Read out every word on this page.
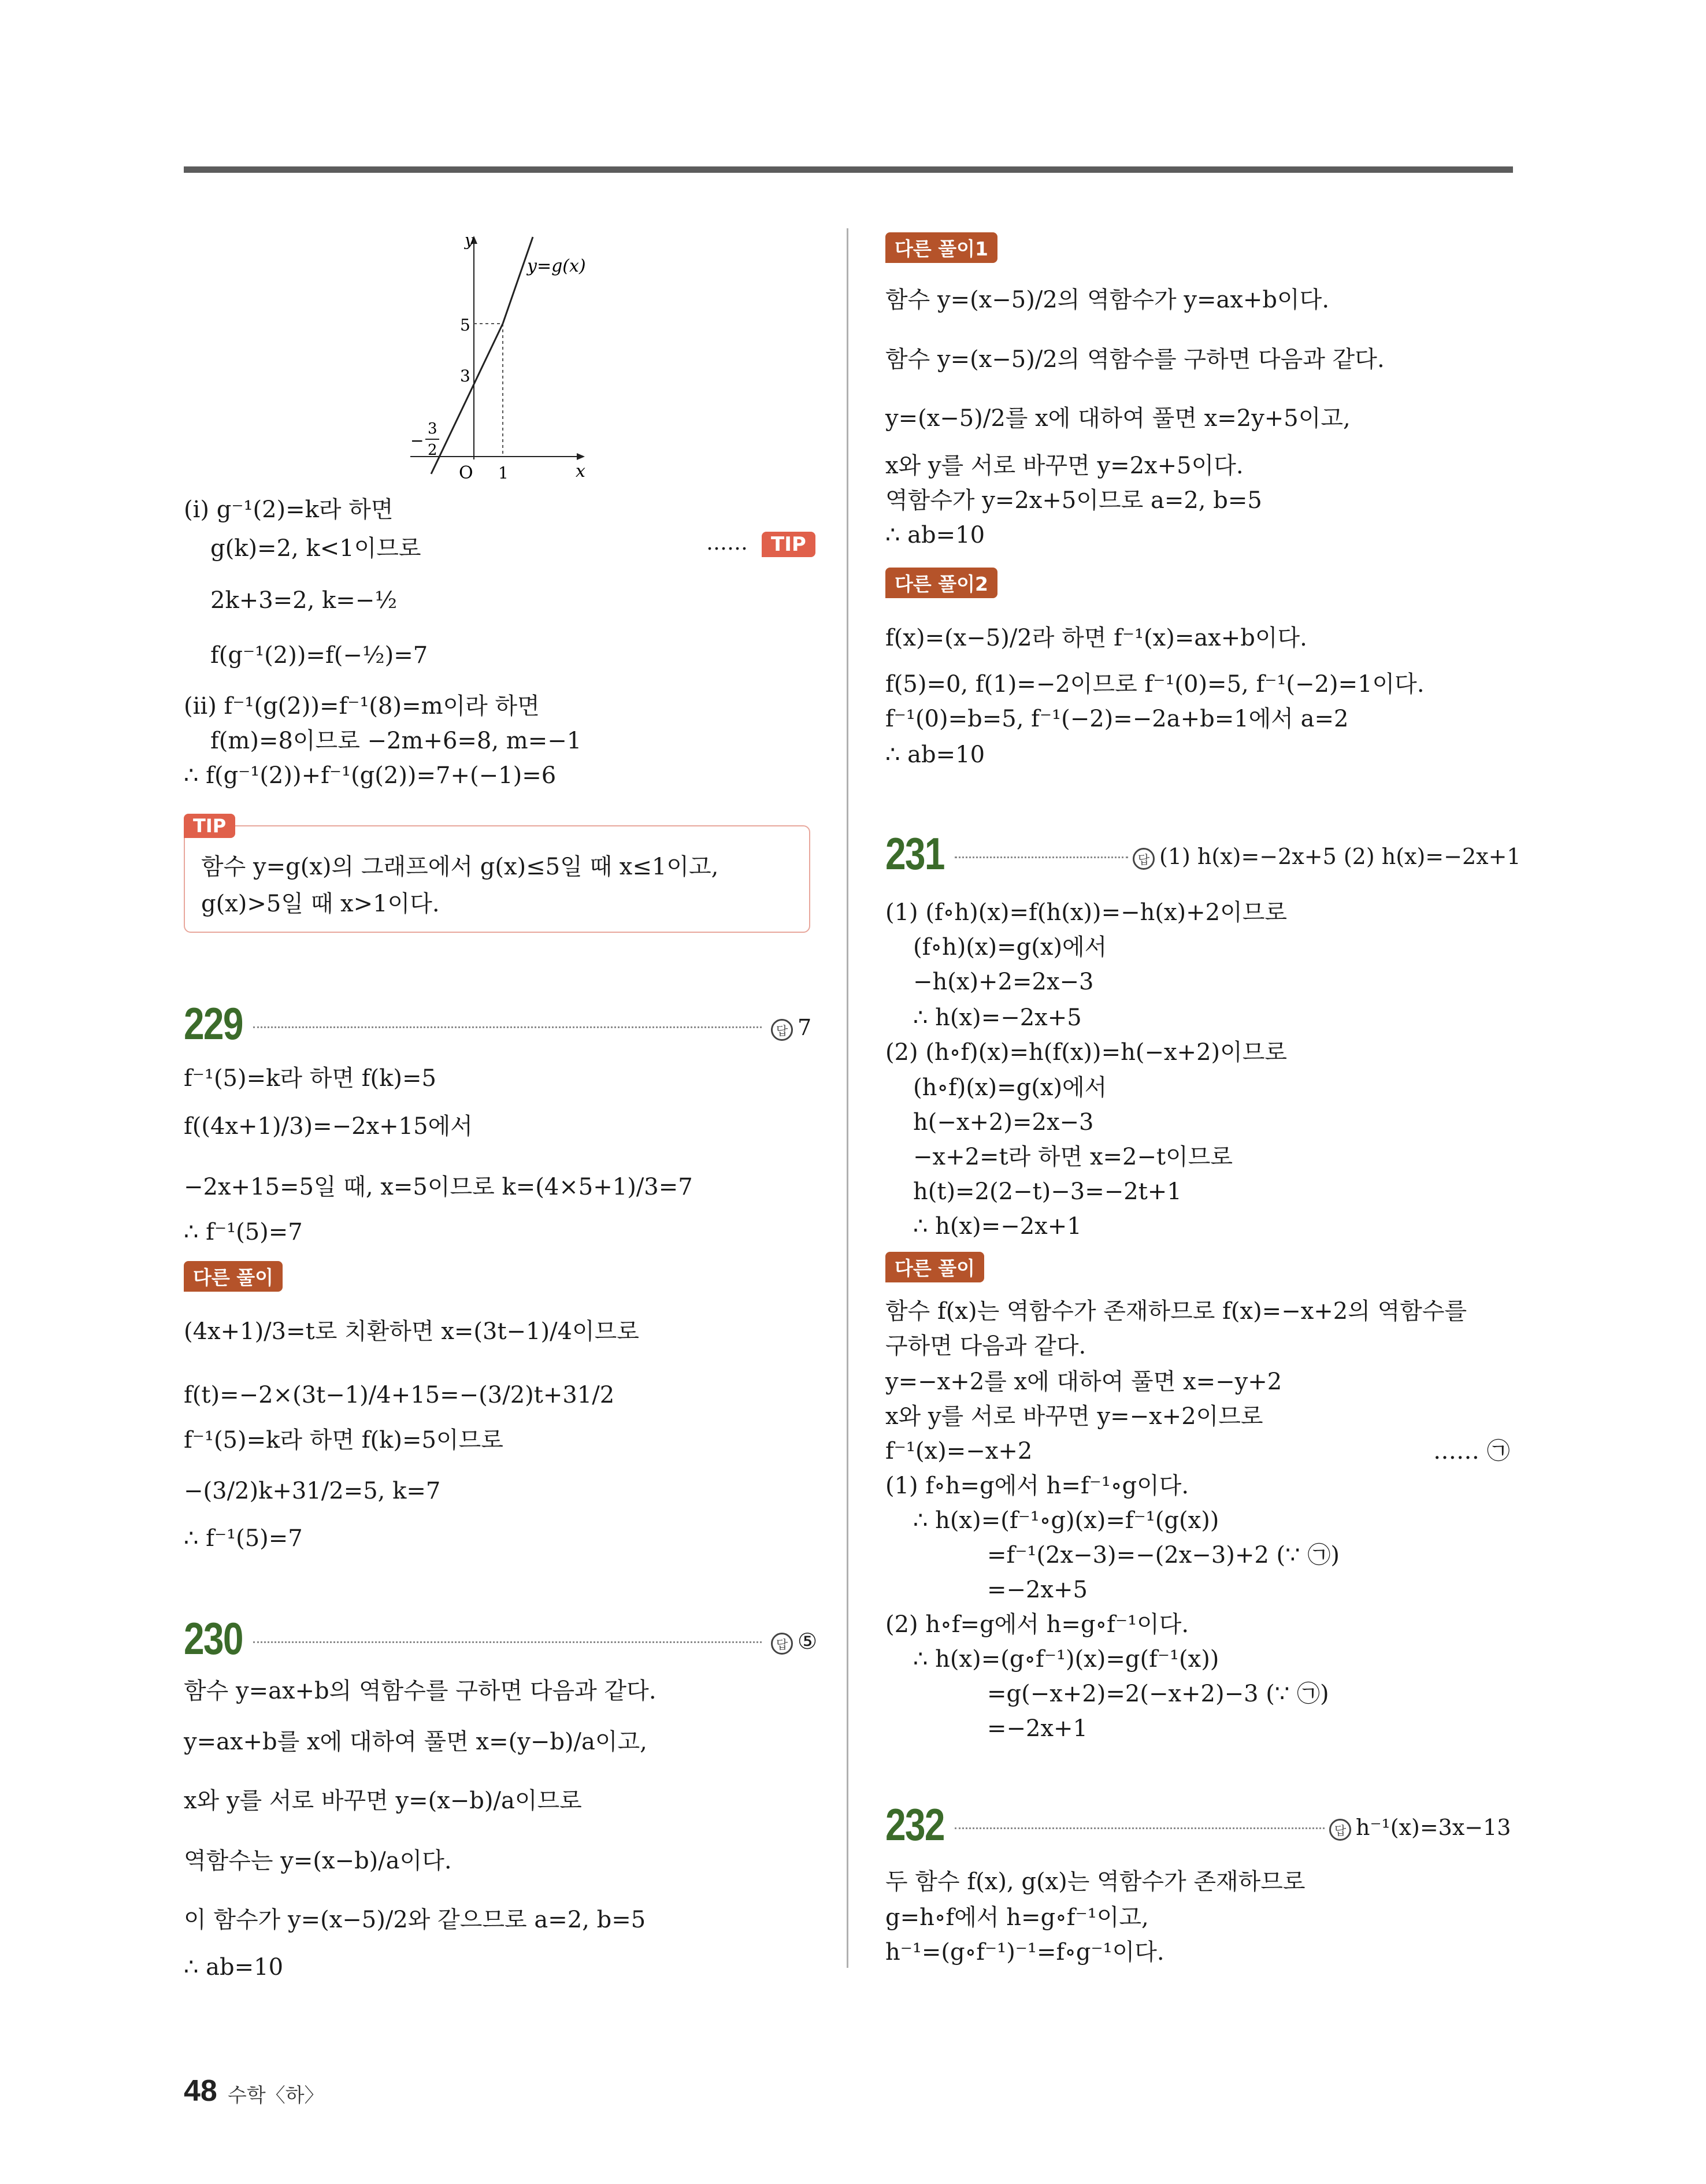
y
x
O
y=g(x)
5
3
1
−
3
2
(ⅰ) g⁻¹(2)=k라 하면
g(k)=2, k<1이므로
2k+3=2, k=−½
f(g⁻¹(2))=f(−½)=7
(ⅱ) f⁻¹(g(2))=f⁻¹(8)=m이라 하면
f(m)=8이므로 −2m+6=8, m=−1
∴ f(g⁻¹(2))+f⁻¹(g(2))=7+(−1)=6
……	TIP
TIP
함수 y=g(x)의 그래프에서 g(x)≤5일 때 x≤1이고,
g(x)>5일 때 x>1이다.
229	답 7
f⁻¹(5)=k라 하면 f(k)=5
f((4x+1)/3)=−2x+15에서
−2x+15=5일 때, x=5이므로 k=(4×5+1)/3=7
∴ f⁻¹(5)=7
다른 풀이
(4x+1)/3=t로 치환하면 x=(3t−1)/4이므로
f(t)=−2×(3t−1)/4+15=−(3/2)t+31/2
f⁻¹(5)=k라 하면 f(k)=5이므로
−(3/2)k+31/2=5, k=7
∴ f⁻¹(5)=7
230	답 ⑤
함수 y=ax+b의 역함수를 구하면 다음과 같다.
y=ax+b를 x에 대하여 풀면 x=(y−b)/a이고,
x와 y를 서로 바꾸면 y=(x−b)/a이므로
역함수는 y=(x−b)/a이다.
이 함수가 y=(x−5)/2와 같으므로 a=2, b=5
∴ ab=10
다른 풀이1
함수 y=(x−5)/2의 역함수가 y=ax+b이다.
함수 y=(x−5)/2의 역함수를 구하면 다음과 같다.
y=(x−5)/2를 x에 대하여 풀면 x=2y+5이고,
x와 y를 서로 바꾸면 y=2x+5이다.
역함수가 y=2x+5이므로 a=2, b=5
∴ ab=10
다른 풀이2
f(x)=(x−5)/2라 하면 f⁻¹(x)=ax+b이다.
f(5)=0, f(1)=−2이므로 f⁻¹(0)=5, f⁻¹(−2)=1이다.
f⁻¹(0)=b=5, f⁻¹(−2)=−2a+b=1에서 a=2
∴ ab=10
231	답 (1) h(x)=−2x+5 (2) h(x)=−2x+1
(1) (f∘h)(x)=f(h(x))=−h(x)+2이므로
(f∘h)(x)=g(x)에서
−h(x)+2=2x−3
∴ h(x)=−2x+5
(2) (h∘f)(x)=h(f(x))=h(−x+2)이므로
(h∘f)(x)=g(x)에서
h(−x+2)=2x−3
−x+2=t라 하면 x=2−t이므로
h(t)=2(2−t)−3=−2t+1
∴ h(x)=−2x+1
다른 풀이
함수 f(x)는 역함수가 존재하므로 f(x)=−x+2의 역함수를
구하면 다음과 같다.
y=−x+2를 x에 대하여 풀면 x=−y+2
x와 y를 서로 바꾸면 y=−x+2이므로
f⁻¹(x)=−x+2	…… ㉠
(1) f∘h=g에서 h=f⁻¹∘g이다.
∴ h(x)=(f⁻¹∘g)(x)=f⁻¹(g(x))
=f⁻¹(2x−3)=−(2x−3)+2 (∵ ㉠)
=−2x+5
(2) h∘f=g에서 h=g∘f⁻¹이다.
∴ h(x)=(g∘f⁻¹)(x)=g(f⁻¹(x))
=g(−x+2)=2(−x+2)−3 (∵ ㉠)
=−2x+1
232	답 h⁻¹(x)=3x−13
두 함수 f(x), g(x)는 역함수가 존재하므로
g=h∘f에서 h=g∘f⁻¹이고,
h⁻¹=(g∘f⁻¹)⁻¹=f∘g⁻¹이다.
48 수학〈하〉
